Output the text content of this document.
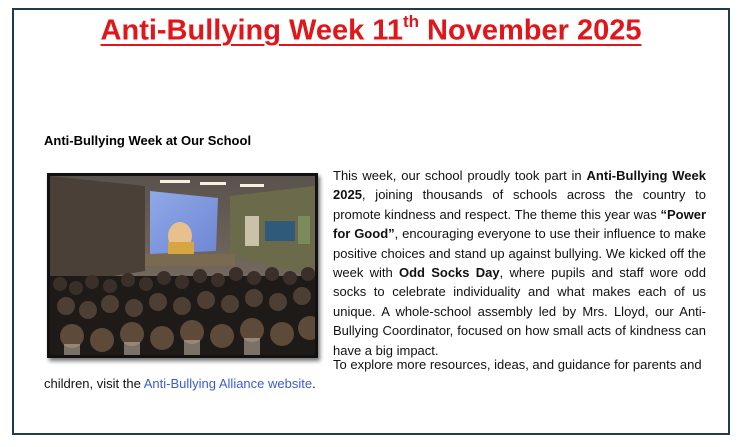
Anti-Bullying Week 11th November 2025
Anti-Bullying Week at Our School
This week, our school proudly took part in Anti-Bullying Week 2025, joining thousands of schools across the country to promote kindness and respect. The theme this year was “Power for Good”, encouraging everyone to use their influence to make positive choices and stand up against bullying. We kicked off the week with Odd Socks Day, where pupils and staff wore odd socks to celebrate individuality and what makes each of us unique. A whole-school assembly led by Mrs. Lloyd, our Anti-Bullying Coordinator, focused on how small acts of kindness can have a big impact.
To explore more resources, ideas, and guidance for parents and
children, visit the Anti-Bullying Alliance website.
